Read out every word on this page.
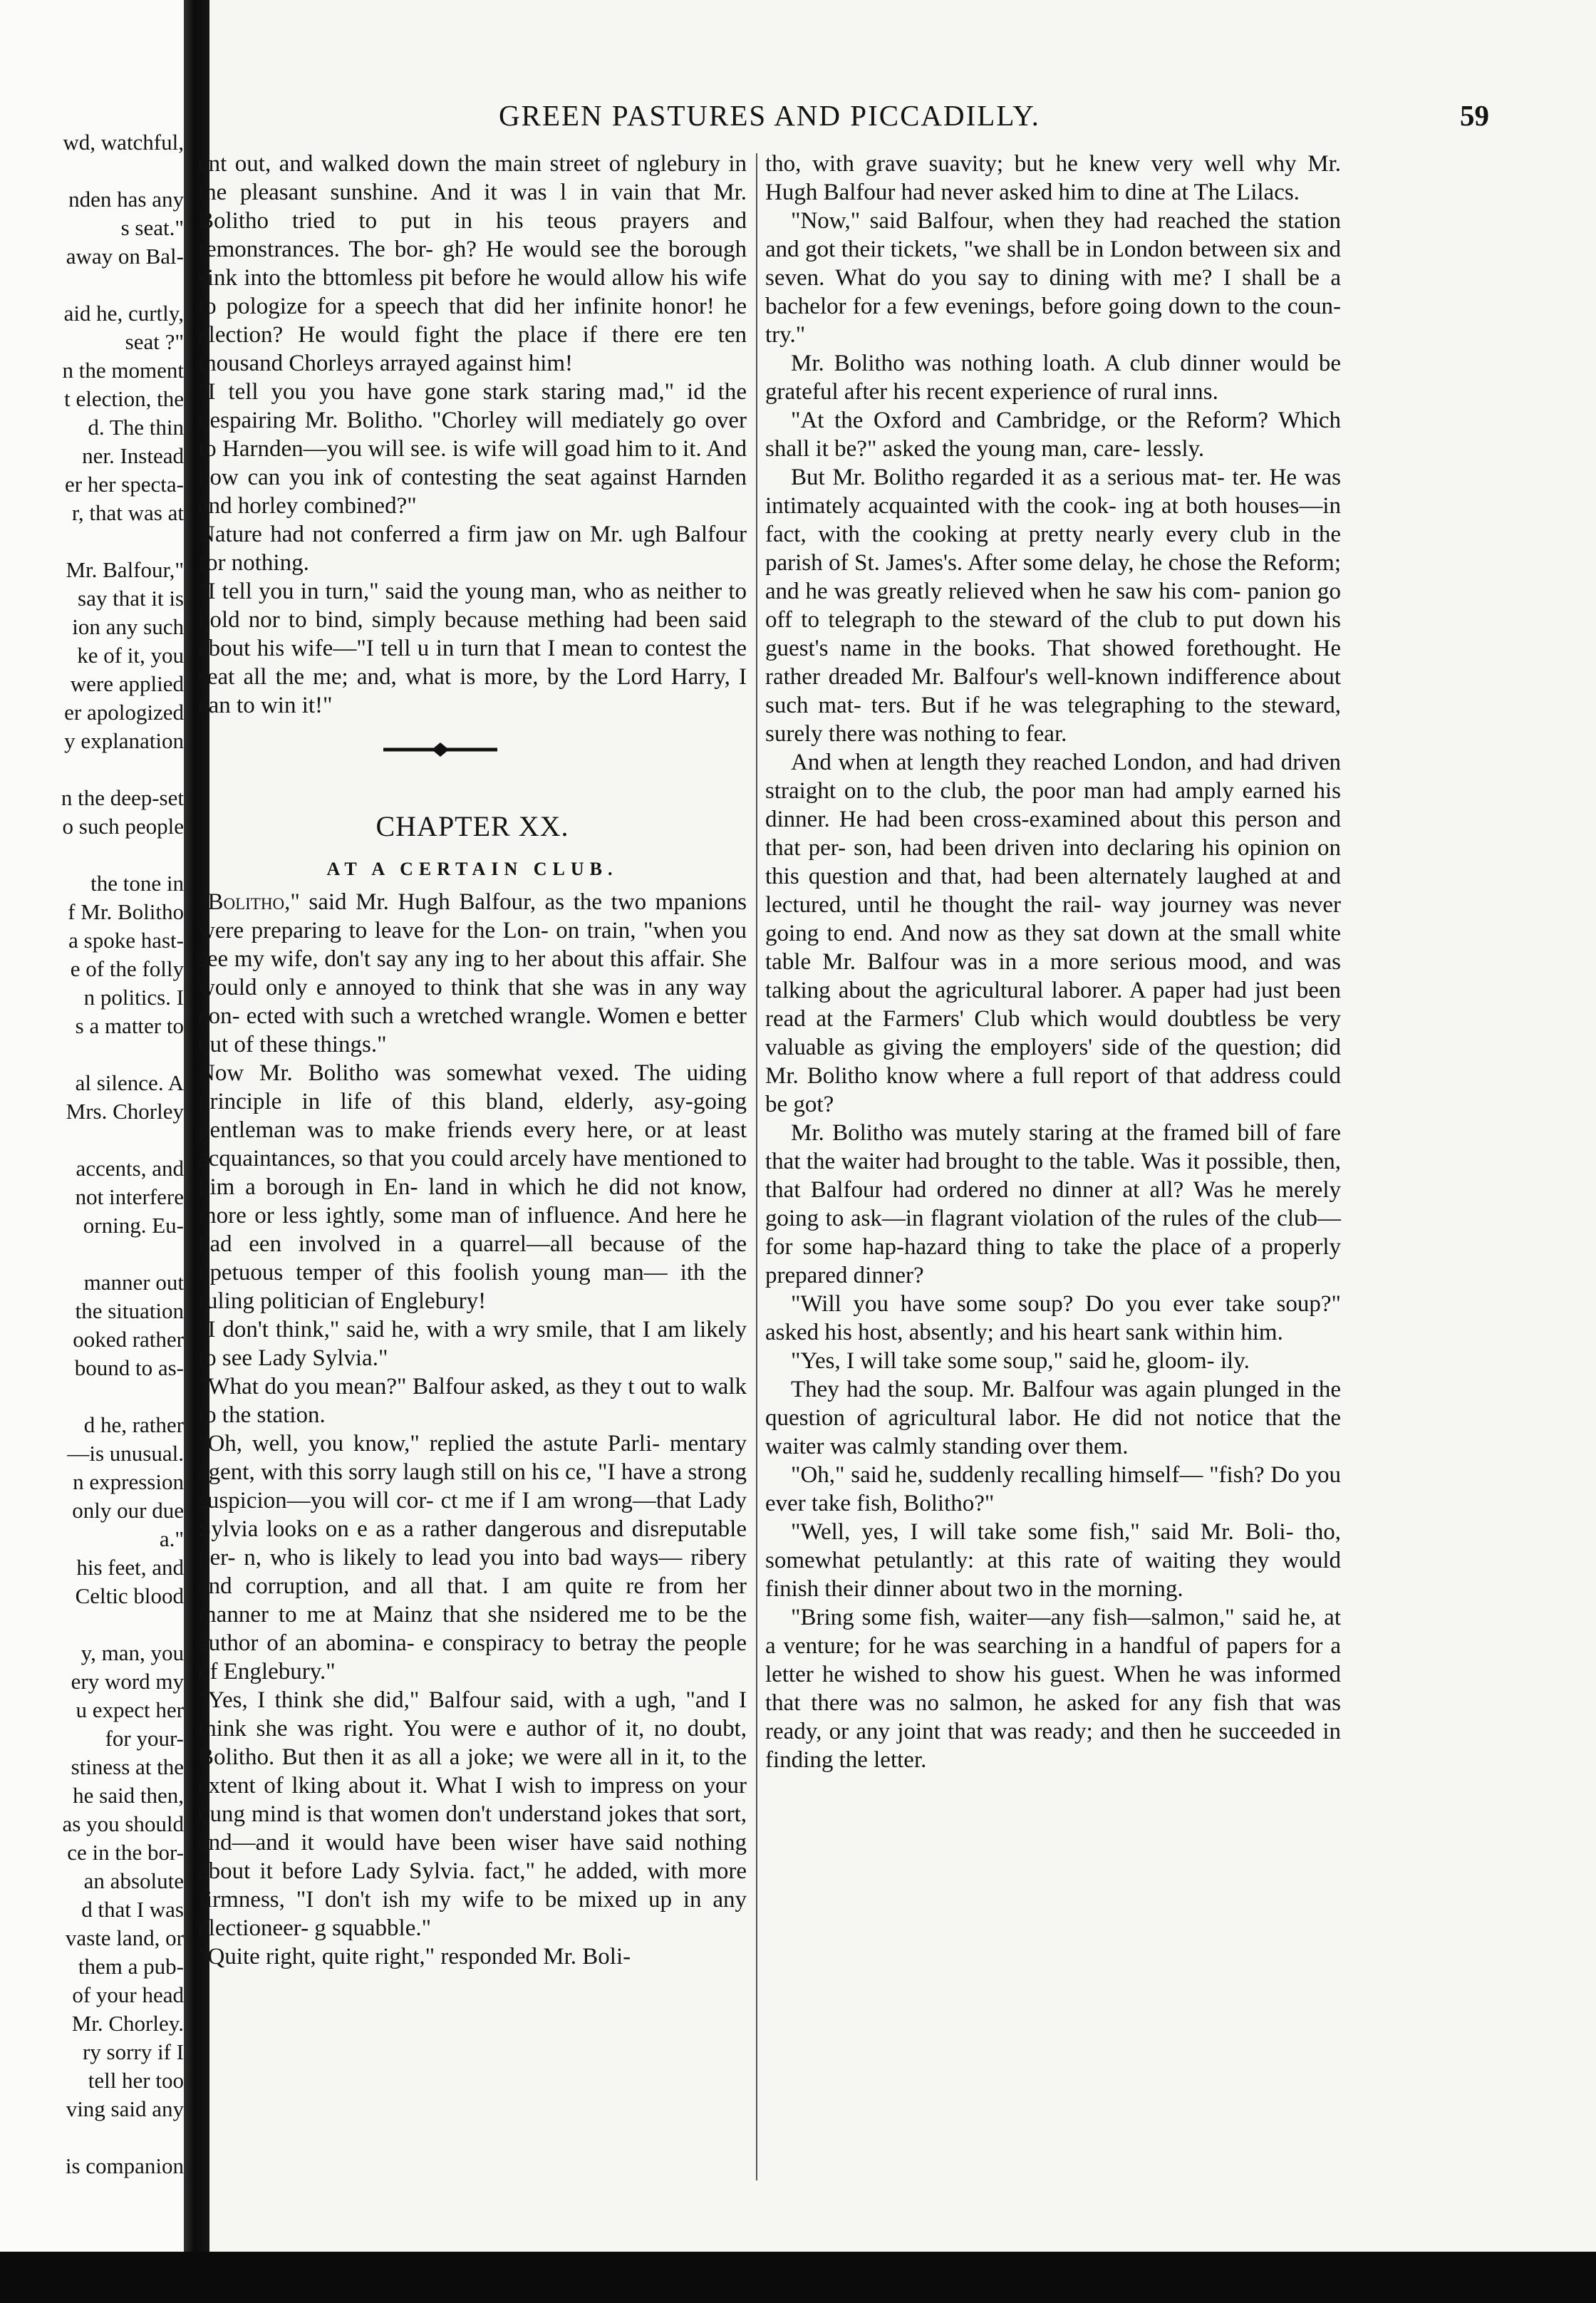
wd, watchful,
nden has any
s seat."
away on Bal-
aid he, curtly,
seat ?"
n the moment
t election, the
d. The thin
ner. Instead
er her specta-
r, that was at
Mr. Balfour,"
say that it is
ion any such
ke of it, you
were applied
er apologized
y explanation
n the deep-set
o such people
the tone in
f Mr. Bolitho
a spoke hast-
e of the folly
n politics. I
s a matter to
al silence. A
Mrs. Chorley
accents, and
not interfere
orning. Eu-
manner out
the situation
ooked rather
bound to as-
d he, rather
—is unusual.
n expression
only our due
a."
his feet, and
Celtic blood
y, man, you
ery word my
u expect her
for your-
stiness at the
he said then,
as you should
ce in the bor-
an absolute
d that I was
vaste land, or
them a pub-
of your head
Mr. Chorley.
ry sorry if I
tell her too
ving said any
is companion
GREEN PASTURES AND PICCADILLY.	59

ent out, and walked down the main street of nglebury in the pleasant sunshine. And it was l in vain that Mr. Bolitho tried to put in his teous prayers and remonstrances. The bor- gh? He would see the borough sink into the bttomless pit before he would allow his wife to pologize for a speech that did her infinite honor! he election? He would fight the place if there ere ten thousand Chorleys arrayed against him!

"I tell you you have gone stark staring mad," id the despairing Mr. Bolitho. "Chorley will mediately go over to Harnden—you will see. is wife will goad him to it. And how can you ink of contesting the seat against Harnden and horley combined?"

Nature had not conferred a firm jaw on Mr. ugh Balfour for nothing.

"I tell you in turn," said the young man, who as neither to hold nor to bind, simply because mething had been said about his wife—"I tell u in turn that I mean to contest the seat all the me; and, what is more, by the Lord Harry, I ean to win it!"

CHAPTER XX.
AT A CERTAIN CLUB.

"Bolitho," said Mr. Hugh Balfour, as the two mpanions were preparing to leave for the Lon- on train, "when you see my wife, don't say any ing to her about this affair. She would only e annoyed to think that she was in any way con- ected with such a wretched wrangle. Women e better out of these things."

Now Mr. Bolitho was somewhat vexed. The uiding principle in life of this bland, elderly, asy-going gentleman was to make friends every here, or at least acquaintances, so that you could arcely have mentioned to him a borough in En- land in which he did not know, more or less ightly, some man of influence. And here he had een involved in a quarrel—all because of the npetuous temper of this foolish young man— ith the ruling politician of Englebury!

"I don't think," said he, with a wry smile, that I am likely to see Lady Sylvia."

"What do you mean?" Balfour asked, as they t out to walk to the station.

"Oh, well, you know," replied the astute Parli- mentary agent, with this sorry laugh still on his ce, "I have a strong suspicion—you will cor- ct me if I am wrong—that Lady Sylvia looks on e as a rather dangerous and disreputable per- n, who is likely to lead you into bad ways— ribery and corruption, and all that. I am quite re from her manner to me at Mainz that she nsidered me to be the author of an abomina- e conspiracy to betray the people of Englebury."

"Yes, I think she did," Balfour said, with a ugh, "and I think she was right. You were e author of it, no doubt, Bolitho. But then it as all a joke; we were all in it, to the extent of lking about it. What I wish to impress on your oung mind is that women don't understand jokes that sort, and—and it would have been wiser have said nothing about it before Lady Sylvia. fact," he added, with more firmness, "I don't ish my wife to be mixed up in any electioneer- g squabble."

"Quite right, quite right," responded Mr. Boli-

tho, with grave suavity; but he knew very well why Mr. Hugh Balfour had never asked him to dine at The Lilacs.

"Now," said Balfour, when they had reached the station and got their tickets, "we shall be in London between six and seven. What do you say to dining with me? I shall be a bachelor for a few evenings, before going down to the coun- try."

Mr. Bolitho was nothing loath. A club dinner would be grateful after his recent experience of rural inns.

"At the Oxford and Cambridge, or the Reform? Which shall it be?" asked the young man, care- lessly.

But Mr. Bolitho regarded it as a serious mat- ter. He was intimately acquainted with the cook- ing at both houses—in fact, with the cooking at pretty nearly every club in the parish of St. James's. After some delay, he chose the Reform; and he was greatly relieved when he saw his com- panion go off to telegraph to the steward of the club to put down his guest's name in the books. That showed forethought. He rather dreaded Mr. Balfour's well-known indifference about such mat- ters. But if he was telegraphing to the steward, surely there was nothing to fear.

And when at length they reached London, and had driven straight on to the club, the poor man had amply earned his dinner. He had been cross-examined about this person and that per- son, had been driven into declaring his opinion on this question and that, had been alternately laughed at and lectured, until he thought the rail- way journey was never going to end. And now as they sat down at the small white table Mr. Balfour was in a more serious mood, and was talking about the agricultural laborer. A paper had just been read at the Farmers' Club which would doubtless be very valuable as giving the employers' side of the question; did Mr. Bolitho know where a full report of that address could be got?

Mr. Bolitho was mutely staring at the framed bill of fare that the waiter had brought to the table. Was it possible, then, that Balfour had ordered no dinner at all? Was he merely going to ask—in flagrant violation of the rules of the club—for some hap-hazard thing to take the place of a properly prepared dinner?

"Will you have some soup? Do you ever take soup?" asked his host, absently; and his heart sank within him.

"Yes, I will take some soup," said he, gloom- ily.

They had the soup. Mr. Balfour was again plunged in the question of agricultural labor. He did not notice that the waiter was calmly standing over them.

"Oh," said he, suddenly recalling himself— "fish? Do you ever take fish, Bolitho?"

"Well, yes, I will take some fish," said Mr. Boli- tho, somewhat petulantly: at this rate of waiting they would finish their dinner about two in the morning.

"Bring some fish, waiter—any fish—salmon," said he, at a venture; for he was searching in a handful of papers for a letter he wished to show his guest. When he was informed that there was no salmon, he asked for any fish that was ready, or any joint that was ready; and then he succeeded in finding the letter.
